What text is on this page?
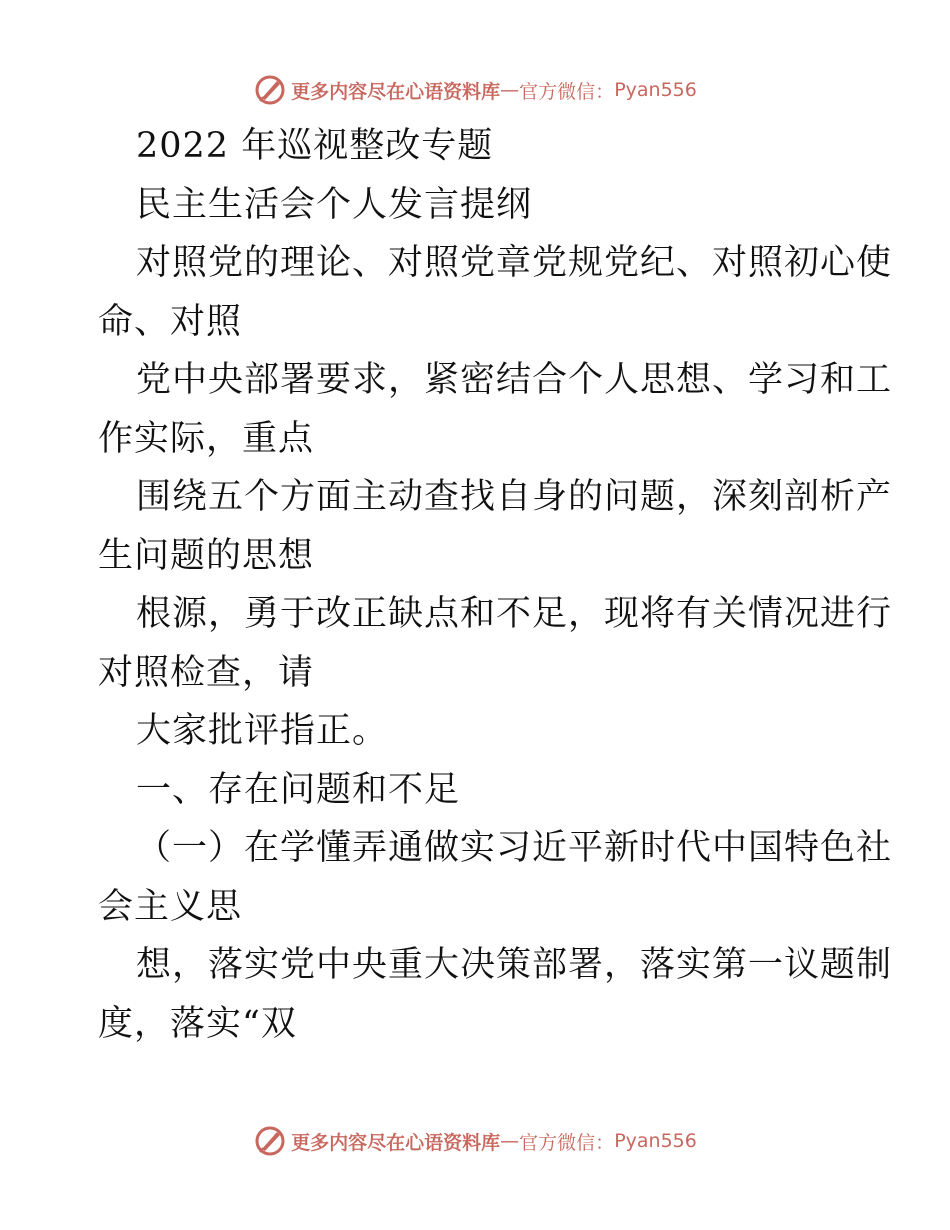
更多内容尽在心语资料库 — 官方微信： Pyan556
2022 年巡视整改专题
民主生活会个人发言提纲
对照党的理论、对照党章党规党纪、对照初心使
命、对照
党中央部署要求，紧密结合个人思想、学习和工
作实际，重点
围绕五个方面主动查找自身的问题，深刻剖析产
生问题的思想
根源，勇于改正缺点和不足，现将有关情况进行
对照检查，请
大家批评指正。
一、存在问题和不足
（一）在学懂弄通做实习近平新时代中国特色社
会主义思
想，落实党中央重大决策部署，落实第一议题制
度，落实“双
更多内容尽在心语资料库 — 官方微信： Pyan556
